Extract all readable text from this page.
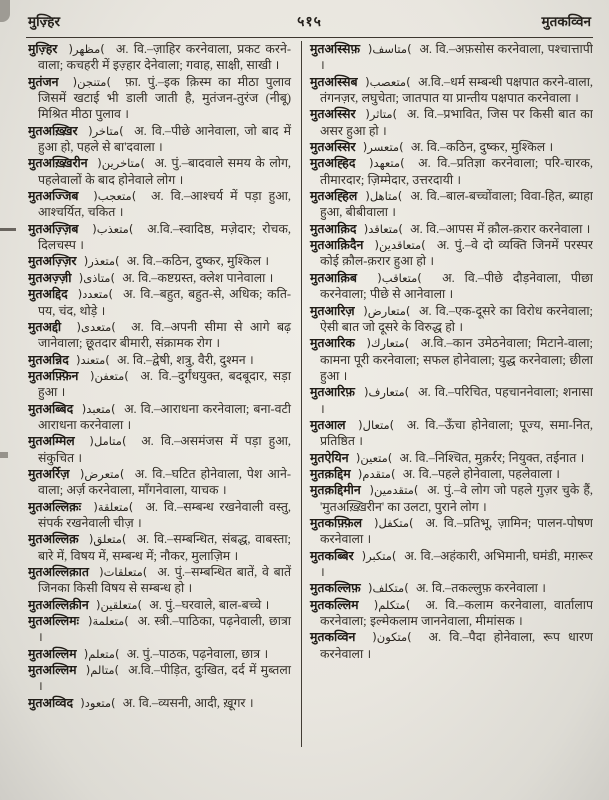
मुज़्हिर	५१५	मुतकव्विन

मुज़्हिर ( مظهر ) अ. वि.–ज़ाहिर करनेवाला, प्रकट करने-वाला; कचहरी में इज़्हार देनेवाला; गवाह, साक्षी, साखी ।

मुतंजन ( متنجن ) फ़ा. पुं.–इक क़िस्म का मीठा पुलाव जिसमें खटाई भी डाली जाती है, मुतंजन-तुरंज (नीबू) मिश्रित मीठा पुलाव ।

मुतअख़्ख़िर ( متاخر ) अ. वि.–पीछे आनेवाला, जो बाद में हुआ हो, पहले से बा'दवाला ।

मुतअख़्ख़िरीन ( متاخرين ) अ. पुं.–बादवाले समय के लोग, पहलेवालों के बाद होनेवाले लोग ।

मुतअज्जिब ( متعجب ) अ. वि.–आश्चर्य में पड़ा हुआ, आश्चर्यित, चकित ।

मुतअज़्ज़िब ( متعذب ) अ.वि.–स्वादिष्ठ, मज़ेदार; रोचक, दिलचस्प ।

मुतअज़्ज़िर ( متعذر ) अ. वि.–कठिन, दुष्कर, मुश्किल ।

मुतअज़्ज़ी ( متاذى ) अ. वि.–कष्टग्रस्त, क्लेश पानेवाला ।

मुतअद्दिद ( متعدد ) अ. वि.–बहुत, बहुत-से, अधिक; कति-पय, चंद, थोड़े ।

मुतअद्दी ( متعدى ) अ. वि.–अपनी सीमा से आगे बढ़ जानेवाला; छूतदार बीमारी, संक्रामक रोग ।

मुतअन्निद ( متعند ) अ. वि.–द्वेषी, शत्रु, वैरी, दुश्मन ।

मुतअफ़्फ़िन ( متعفن ) अ. वि.–दुर्गंधयुक्त, बदबूदार, सड़ा हुआ ।

मुतअब्बिद ( متعبد ) अ. वि.–आराधना करनेवाला; बना-वटी आराधना करनेवाला ।

मुतअम्मिल ( متامل ) अ. वि.–असमंजस में पड़ा हुआ, संकुचित ।

मुतअर्रिज़ ( متعرض ) अ. वि.–घटित होनेवाला, पेश आने-वाला; अर्ज़ करनेवाला, माँगनेवाला, याचक ।

मुतअल्लिक़ः ( متعلقة ) अ. वि.–सम्बन्ध रखनेवाली वस्तु, संपर्क रखनेवाली चीज़ ।

मुतअल्लिक़ ( متعلق ) अ. वि.–सम्बन्धित, संबद्ध, वाबस्ता; बारे में, विषय में, सम्बन्ध में; नौकर, मुलाज़िम ।

मुतअल्लिक़ात ( متعلقات ) अ. पुं.–सम्बन्धित बातें, वे बातें जिनका किसी विषय से सम्बन्ध हो ।

मुतअल्लिक़ीन ( متعلقين ) अ. पुं.–घरवाले, बाल-बच्चे ।

मुतअल्लिमः ( متعلمة ) अ. स्त्री.–पाठिका, पढ़नेवाली, छात्रा ।

मुतअल्लिम ( متعلم ) अ. पुं.–पाठक, पढ़नेवाला, छात्र ।

मुतअल्लिम ( متالم ) अ.वि.–पीड़ित, दुःखित, दर्द में मुब्तला ।

मुतअव्विद ( متعود ) अ. वि.–व्यसनी, आदी, ख़ूगर ।

मुतअस्सिफ़ ( متاسف ) अ. वि.–अफ़सोस करनेवाला, पश्चात्तापी ।

मुतअस्सिब ( متعصب ) अ.वि.–धर्म सम्बन्धी पक्षपात करने-वाला, तंगनज़र, लघुचेता; जातपात या प्रान्तीय पक्षपात करनेवाला ।

मुतअस्सिर ( متاثر ) अ. वि.–प्रभावित, जिस पर किसी बात का असर हुआ हो ।

मुतअस्सिर ( متعسر ) अ. वि.–कठिन, दुष्कर, मुश्किल ।

मुतअह्हिद ( متعهد ) अ. वि.–प्रतिज्ञा करनेवाला; परि-चारक, तीमारदार; ज़िम्मेदार, उत्तरदायी ।

मुतअह्हिल ( متاهل ) अ. वि.–बाल-बच्चोंवाला; विवा-हित, ब्याहा हुआ, बीबीवाला ।

मुतआक़िद ( متعاقد ) अ. वि.–आपस में क़ौल-क़रार करनेवाला ।

मुतआक़िदैन ( متعاقدين ) अ. पुं.–वे दो व्यक्ति जिनमें परस्पर कोई क़ौल-क़रार हुआ हो ।

मुतआक़िब ( متعاقب ) अ. वि.–पीछे दौड़नेवाला, पीछा करनेवाला; पीछे से आनेवाला ।

मुतआरिज़ ( متعارض ) अ. वि.–एक-दूसरे का विरोध करनेवाला; ऐसी बात जो दूसरे के विरुद्ध हो ।

मुतआरिक ( متعارك ) अ.वि.–कान उमेठनेवाला; मिटाने-वाला; कामना पूरी करनेवाला; सफल होनेवाला; युद्ध करनेवाला; छीला हुआ ।

मुतआरिफ़ ( متعارف ) अ. वि.–परिचित, पहचाननेवाला; शनासा ।

मुतआल ( متعال ) अ. वि.–ऊँचा होनेवाला; पूज्य, समा-नित, प्रतिष्ठित ।

मुतऐयिन ( متعين ) अ. वि.–निश्चित, मुक़र्रर; नियुक्त, तईनात ।

मुतक़द्दिम ( متقدم ) अ. वि.–पहले होनेवाला, पहलेवाला ।

मुतक़द्दिमीन ( متقدمين ) अ. पुं.–वे लोग जो पहले गुज़र चुके हैं, 'मुतअख़्ख़िरीन' का उलटा, पुराने लोग ।

मुतकफ़्फ़िल ( متكفل ) अ. वि.–प्रतिभू, ज़ामिन; पालन-पोषण करनेवाला ।

मुतकब्बिर ( متكبر ) अ. वि.–अहंकारी, अभिमानी, घमंडी, मग़रूर ।

मुतकल्लिफ़ ( متكلف ) अ. वि.–तकल्लुफ़ करनेवाला ।

मुतकल्लिम ( متكلم ) अ. वि.–कलाम करनेवाला, वार्तालाप करनेवाला; इल्मेकलाम जाननेवाला, मीमांसक ।

मुतकव्विन ( متكون ) अ. वि.–पैदा होनेवाला, रूप धारण करनेवाला ।
